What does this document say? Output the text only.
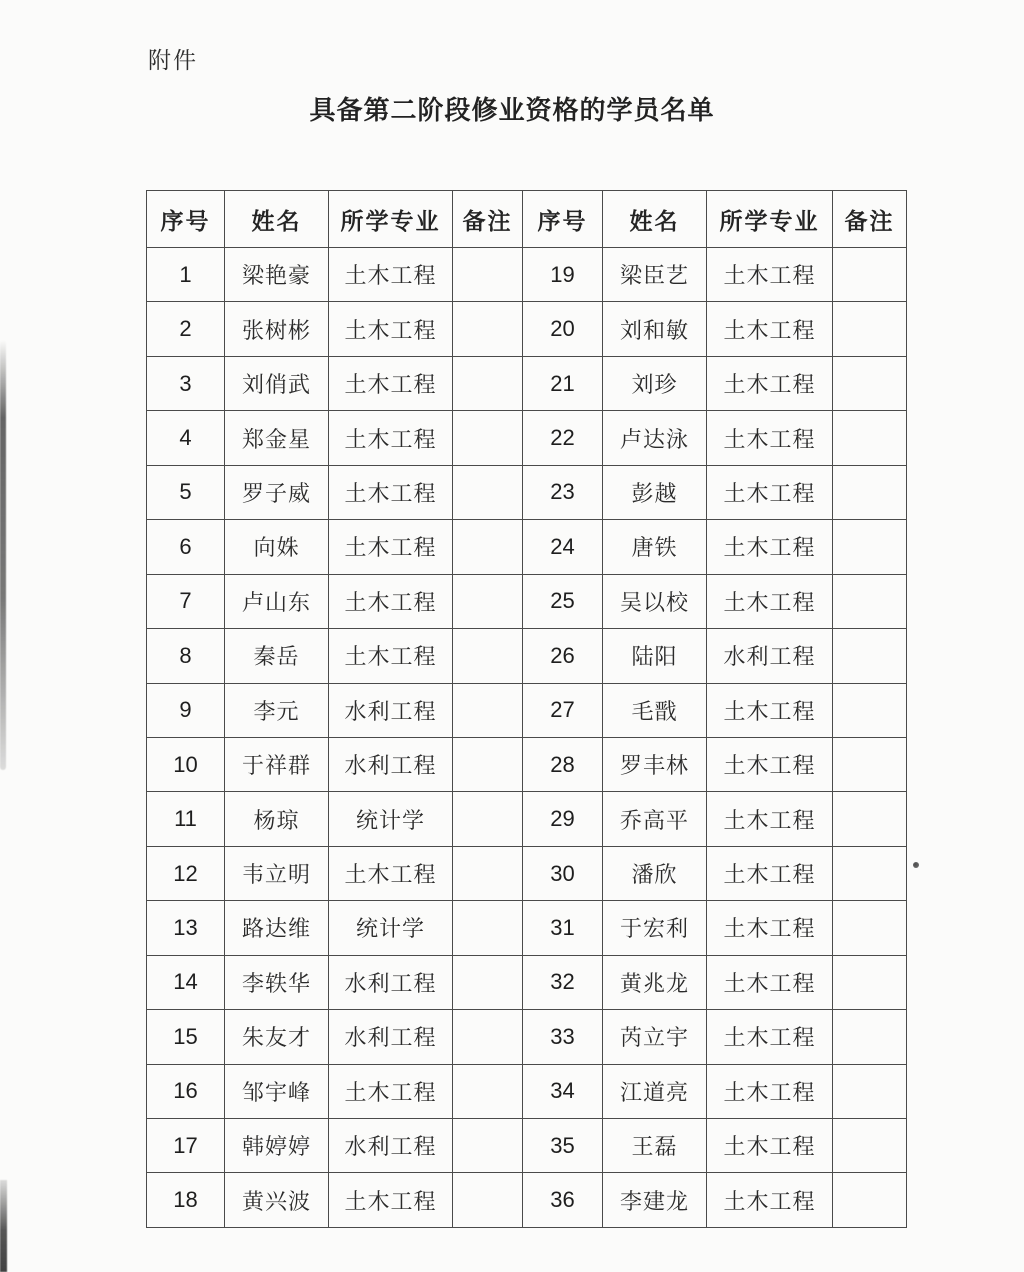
附件
具备第二阶段修业资格的学员名单
序号	姓名	所学专业	备注	序号	姓名	所学专业	备注
1	梁艳豪	土木工程		19	梁臣艺	土木工程	
2	张树彬	土木工程		20	刘和敏	土木工程	
3	刘俏武	土木工程		21	刘珍	土木工程	
4	郑金星	土木工程		22	卢达泳	土木工程	
5	罗子威	土木工程		23	彭越	土木工程	
6	向姝	土木工程		24	唐铁	土木工程	
7	卢山东	土木工程		25	吴以校	土木工程	
8	秦岳	土木工程		26	陆阳	水利工程	
9	李元	水利工程		27	毛戬	土木工程	
10	于祥群	水利工程		28	罗丰林	土木工程	
11	杨琼	统计学		29	乔高平	土木工程	
12	韦立明	土木工程		30	潘欣	土木工程	
13	路达维	统计学		31	于宏利	土木工程	
14	李轶华	水利工程		32	黄兆龙	土木工程	
15	朱友才	水利工程		33	芮立宇	土木工程	
16	邹宇峰	土木工程		34	江道亮	土木工程	
17	韩婷婷	水利工程		35	王磊	土木工程	
18	黄兴波	土木工程		36	李建龙	土木工程	
